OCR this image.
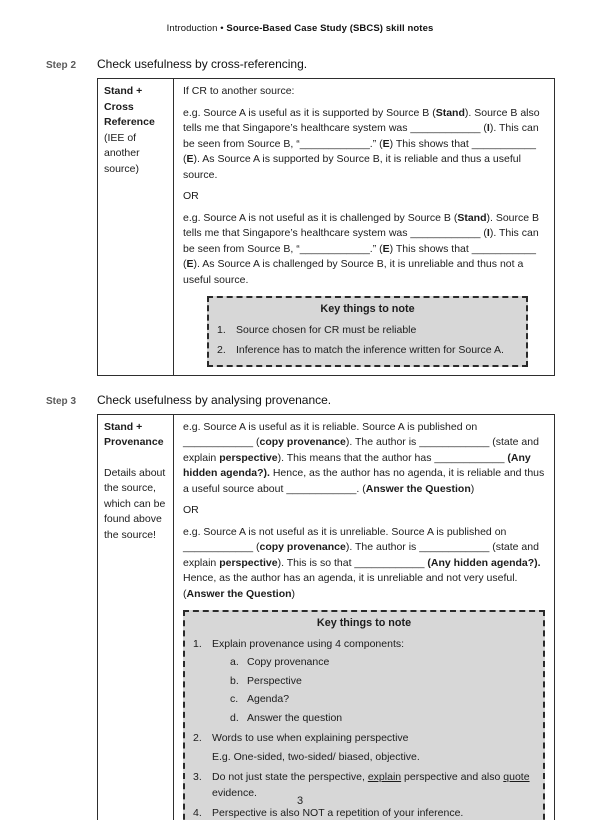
Introduction • Source-Based Case Study (SBCS) skill notes
Step 2	Check usefulness by cross-referencing.
Stand + Cross Reference
(IEE of another source)

If CR to another source:

e.g. Source A is useful as it is supported by Source B (Stand). Source B also tells me that Singapore’s healthcare system was ____________ (I). This can be seen from Source B, “____________.” (E) This shows that ___________ (E). As Source A is supported by Source B, it is reliable and thus a useful source.

OR

e.g. Source A is not useful as it is challenged by Source B (Stand). Source B tells me that Singapore’s healthcare system was ____________ (I). This can be seen from Source B, “____________.” (E) This shows that ___________ (E). As Source A is challenged by Source B, it is unreliable and thus not a useful source.

Key things to note
1. Source chosen for CR must be reliable
2. Inference has to match the inference written for Source A.
Step 3	Check usefulness by analysing provenance.
Stand + Provenance
Details about the source, which can be found above the source!

e.g. Source A is useful as it is reliable. Source A is published on ____________ (copy provenance). The author is ____________ (state and explain perspective). This means that the author has ____________ (Any hidden agenda?). Hence, as the author has no agenda, it is reliable and thus a useful source about ____________. (Answer the Question)

OR

e.g. Source A is not useful as it is unreliable. Source A is published on ____________ (copy provenance). The author is ____________ (state and explain perspective). This is so that ____________ (Any hidden agenda?). Hence, as the author has an agenda, it is unreliable and not very useful. (Answer the Question)

Key things to note
1. Explain provenance using 4 components:
a. Copy provenance
b. Perspective
c. Agenda?
d. Answer the question
2. Words to use when explaining perspective
E.g. One-sided, two-sided/ biased, objective.
3. Do not just state the perspective, explain perspective and also quote evidence.
4. Perspective is also NOT a repetition of your inference.
3
